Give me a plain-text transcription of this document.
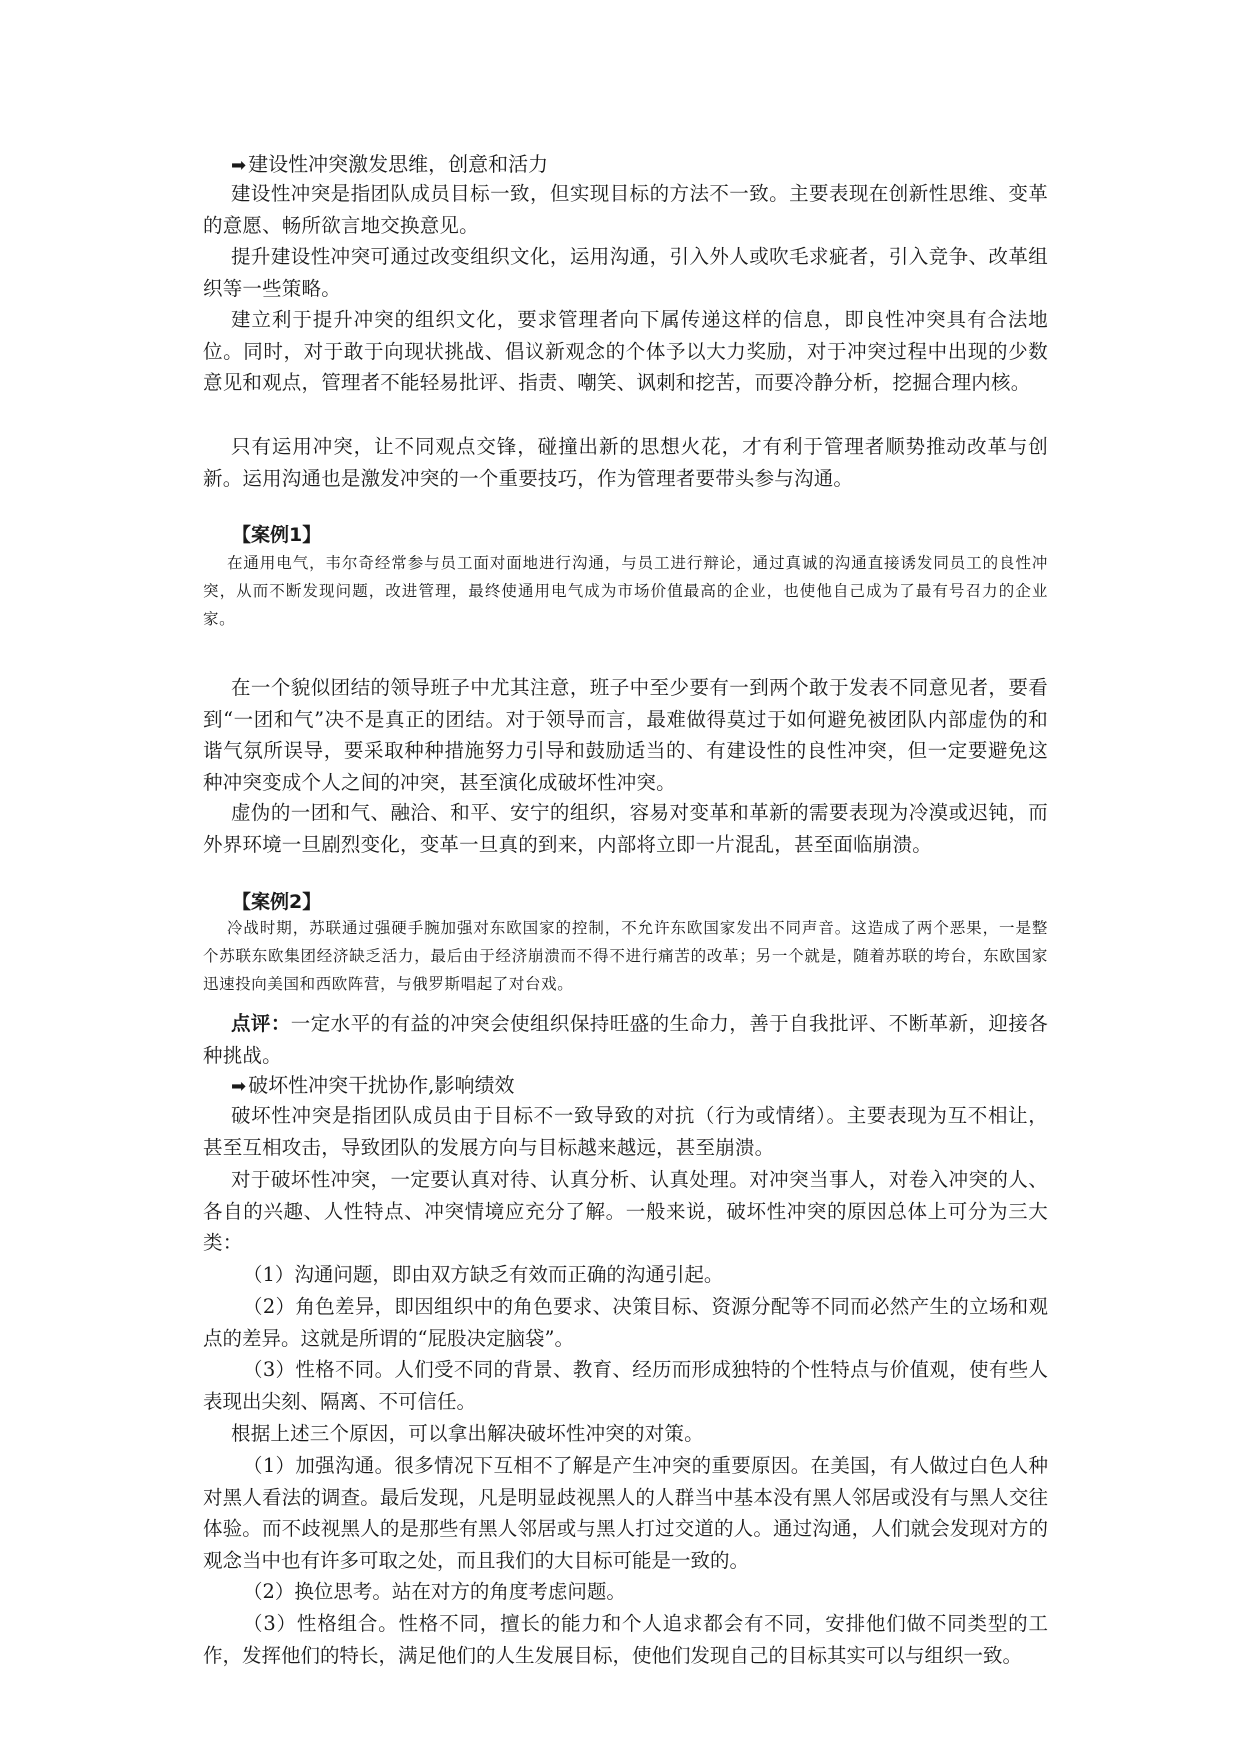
➡ 建设性冲突激发思维，创意和活力

建设性冲突是指团队成员目标一致，但实现目标的方法不一致。主要表现在创新性思维、变革的意愿、畅所欲言地交换意见。

提升建设性冲突可通过改变组织文化，运用沟通，引入外人或吹毛求疵者，引入竞争、改革组织等一些策略。

建立利于提升冲突的组织文化，要求管理者向下属传递这样的信息，即良性冲突具有合法地位。同时，对于敢于向现状挑战、倡议新观念的个体予以大力奖励，对于冲突过程中出现的少数意见和观点，管理者不能轻易批评、指责、嘲笑、讽刺和挖苦，而要冷静分析，挖掘合理内核。

只有运用冲突，让不同观点交锋，碰撞出新的思想火花，才有利于管理者顺势推动改革与创新。运用沟通也是激发冲突的一个重要技巧，作为管理者要带头参与沟通。

【案例1】

在通用电气，韦尔奇经常参与员工面对面地进行沟通，与员工进行辩论，通过真诚的沟通直接诱发同员工的良性冲突，从而不断发现问题，改进管理，最终使通用电气成为市场价值最高的企业，也使他自己成为了最有号召力的企业家。

在一个貌似团结的领导班子中尤其注意，班子中至少要有一到两个敢于发表不同意见者，要看到“一团和气”决不是真正的团结。对于领导而言，最难做得莫过于如何避免被团队内部虚伪的和谐气氛所误导，要采取种种措施努力引导和鼓励适当的、有建设性的良性冲突，但一定要避免这种冲突变成个人之间的冲突，甚至演化成破坏性冲突。

虚伪的一团和气、融洽、和平、安宁的组织，容易对变革和革新的需要表现为冷漠或迟钝，而外界环境一旦剧烈变化，变革一旦真的到来，内部将立即一片混乱，甚至面临崩溃。

【案例2】

冷战时期，苏联通过强硬手腕加强对东欧国家的控制，不允许东欧国家发出不同声音。这造成了两个恶果，一是整个苏联东欧集团经济缺乏活力，最后由于经济崩溃而不得不进行痛苦的改革；另一个就是，随着苏联的垮台，东欧国家迅速投向美国和西欧阵营，与俄罗斯唱起了对台戏。

点评：一定水平的有益的冲突会使组织保持旺盛的生命力，善于自我批评、不断革新，迎接各种挑战。

➡ 破坏性冲突干扰协作,影响绩效

破坏性冲突是指团队成员由于目标不一致导致的对抗（行为或情绪）。主要表现为互不相让，甚至互相攻击，导致团队的发展方向与目标越来越远，甚至崩溃。

对于破坏性冲突，一定要认真对待、认真分析、认真处理。对冲突当事人，对卷入冲突的人、各自的兴趣、人性特点、冲突情境应充分了解。一般来说，破坏性冲突的原因总体上可分为三大类：

（1）沟通问题，即由双方缺乏有效而正确的沟通引起。

（2）角色差异，即因组织中的角色要求、决策目标、资源分配等不同而必然产生的立场和观点的差异。这就是所谓的“屁股决定脑袋”。

（3）性格不同。人们受不同的背景、教育、经历而形成独特的个性特点与价值观，使有些人表现出尖刻、隔离、不可信任。

根据上述三个原因，可以拿出解决破坏性冲突的对策。

（1）加强沟通。很多情况下互相不了解是产生冲突的重要原因。在美国，有人做过白色人种对黑人看法的调查。最后发现，凡是明显歧视黑人的人群当中基本没有黑人邻居或没有与黑人交往体验。而不歧视黑人的是那些有黑人邻居或与黑人打过交道的人。通过沟通，人们就会发现对方的观念当中也有许多可取之处，而且我们的大目标可能是一致的。

（2）换位思考。站在对方的角度考虑问题。

（3）性格组合。性格不同，擅长的能力和个人追求都会有不同，安排他们做不同类型的工作，发挥他们的特长，满足他们的人生发展目标，使他们发现自己的目标其实可以与组织一致。
